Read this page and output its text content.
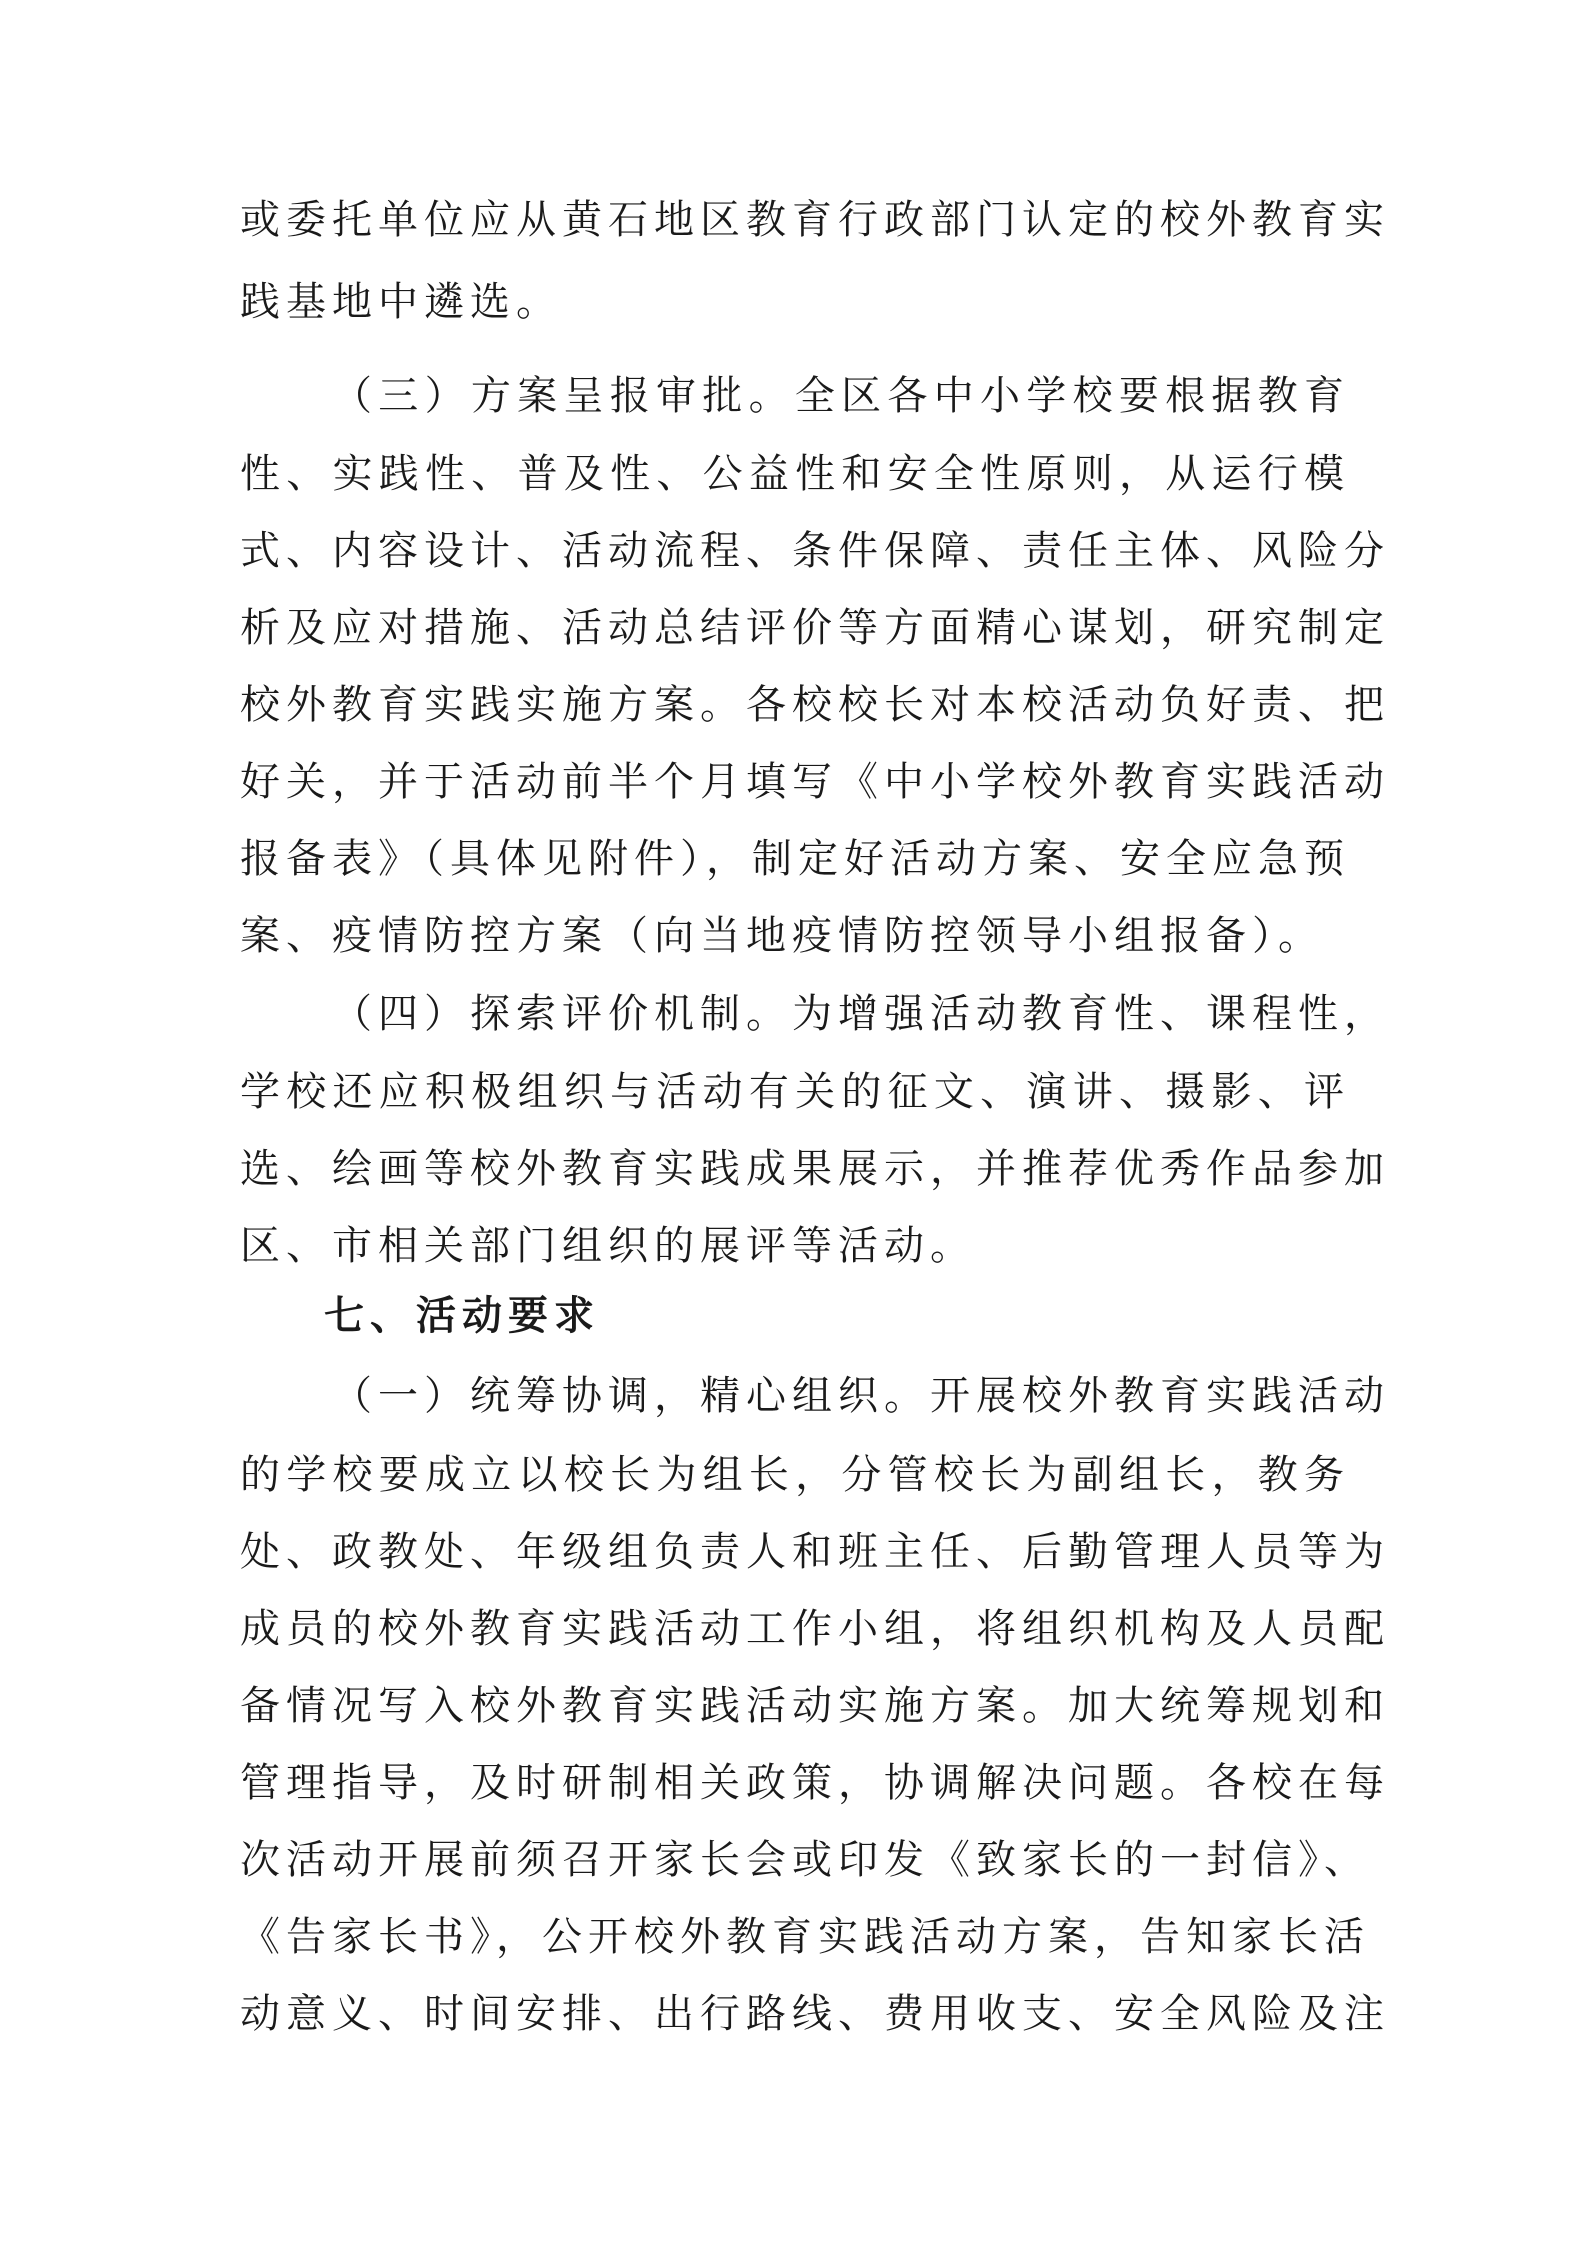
或委托单位应从黄石地区教育行政部门认定的校外教育实
践基地中遴选。
（三）方案呈报审批。全区各中小学校要根据教育
性、实践性、普及性、公益性和安全性原则，从运行模
式、内容设计、活动流程、条件保障、责任主体、风险分
析及应对措施、活动总结评价等方面精心谋划，研究制定
校外教育实践实施方案。各校校长对本校活动负好责、把
好关，并于活动前半个月填写《中小学校外教育实践活动
报备表》（具体见附件），制定好活动方案、安全应急预
案、疫情防控方案（向当地疫情防控领导小组报备）。
（四）探索评价机制。为增强活动教育性、课程性，
学校还应积极组织与活动有关的征文、演讲、摄影、评
选、绘画等校外教育实践成果展示，并推荐优秀作品参加
区、市相关部门组织的展评等活动。
七、活动要求
（一）统筹协调，精心组织。开展校外教育实践活动
的学校要成立以校长为组长，分管校长为副组长，教务
处、政教处、年级组负责人和班主任、后勤管理人员等为
成员的校外教育实践活动工作小组，将组织机构及人员配
备情况写入校外教育实践活动实施方案。加大统筹规划和
管理指导，及时研制相关政策，协调解决问题。各校在每
次活动开展前须召开家长会或印发《致家长的一封信》、
《告家长书》，公开校外教育实践活动方案，告知家长活
动意义、时间安排、出行路线、费用收支、安全风险及注
